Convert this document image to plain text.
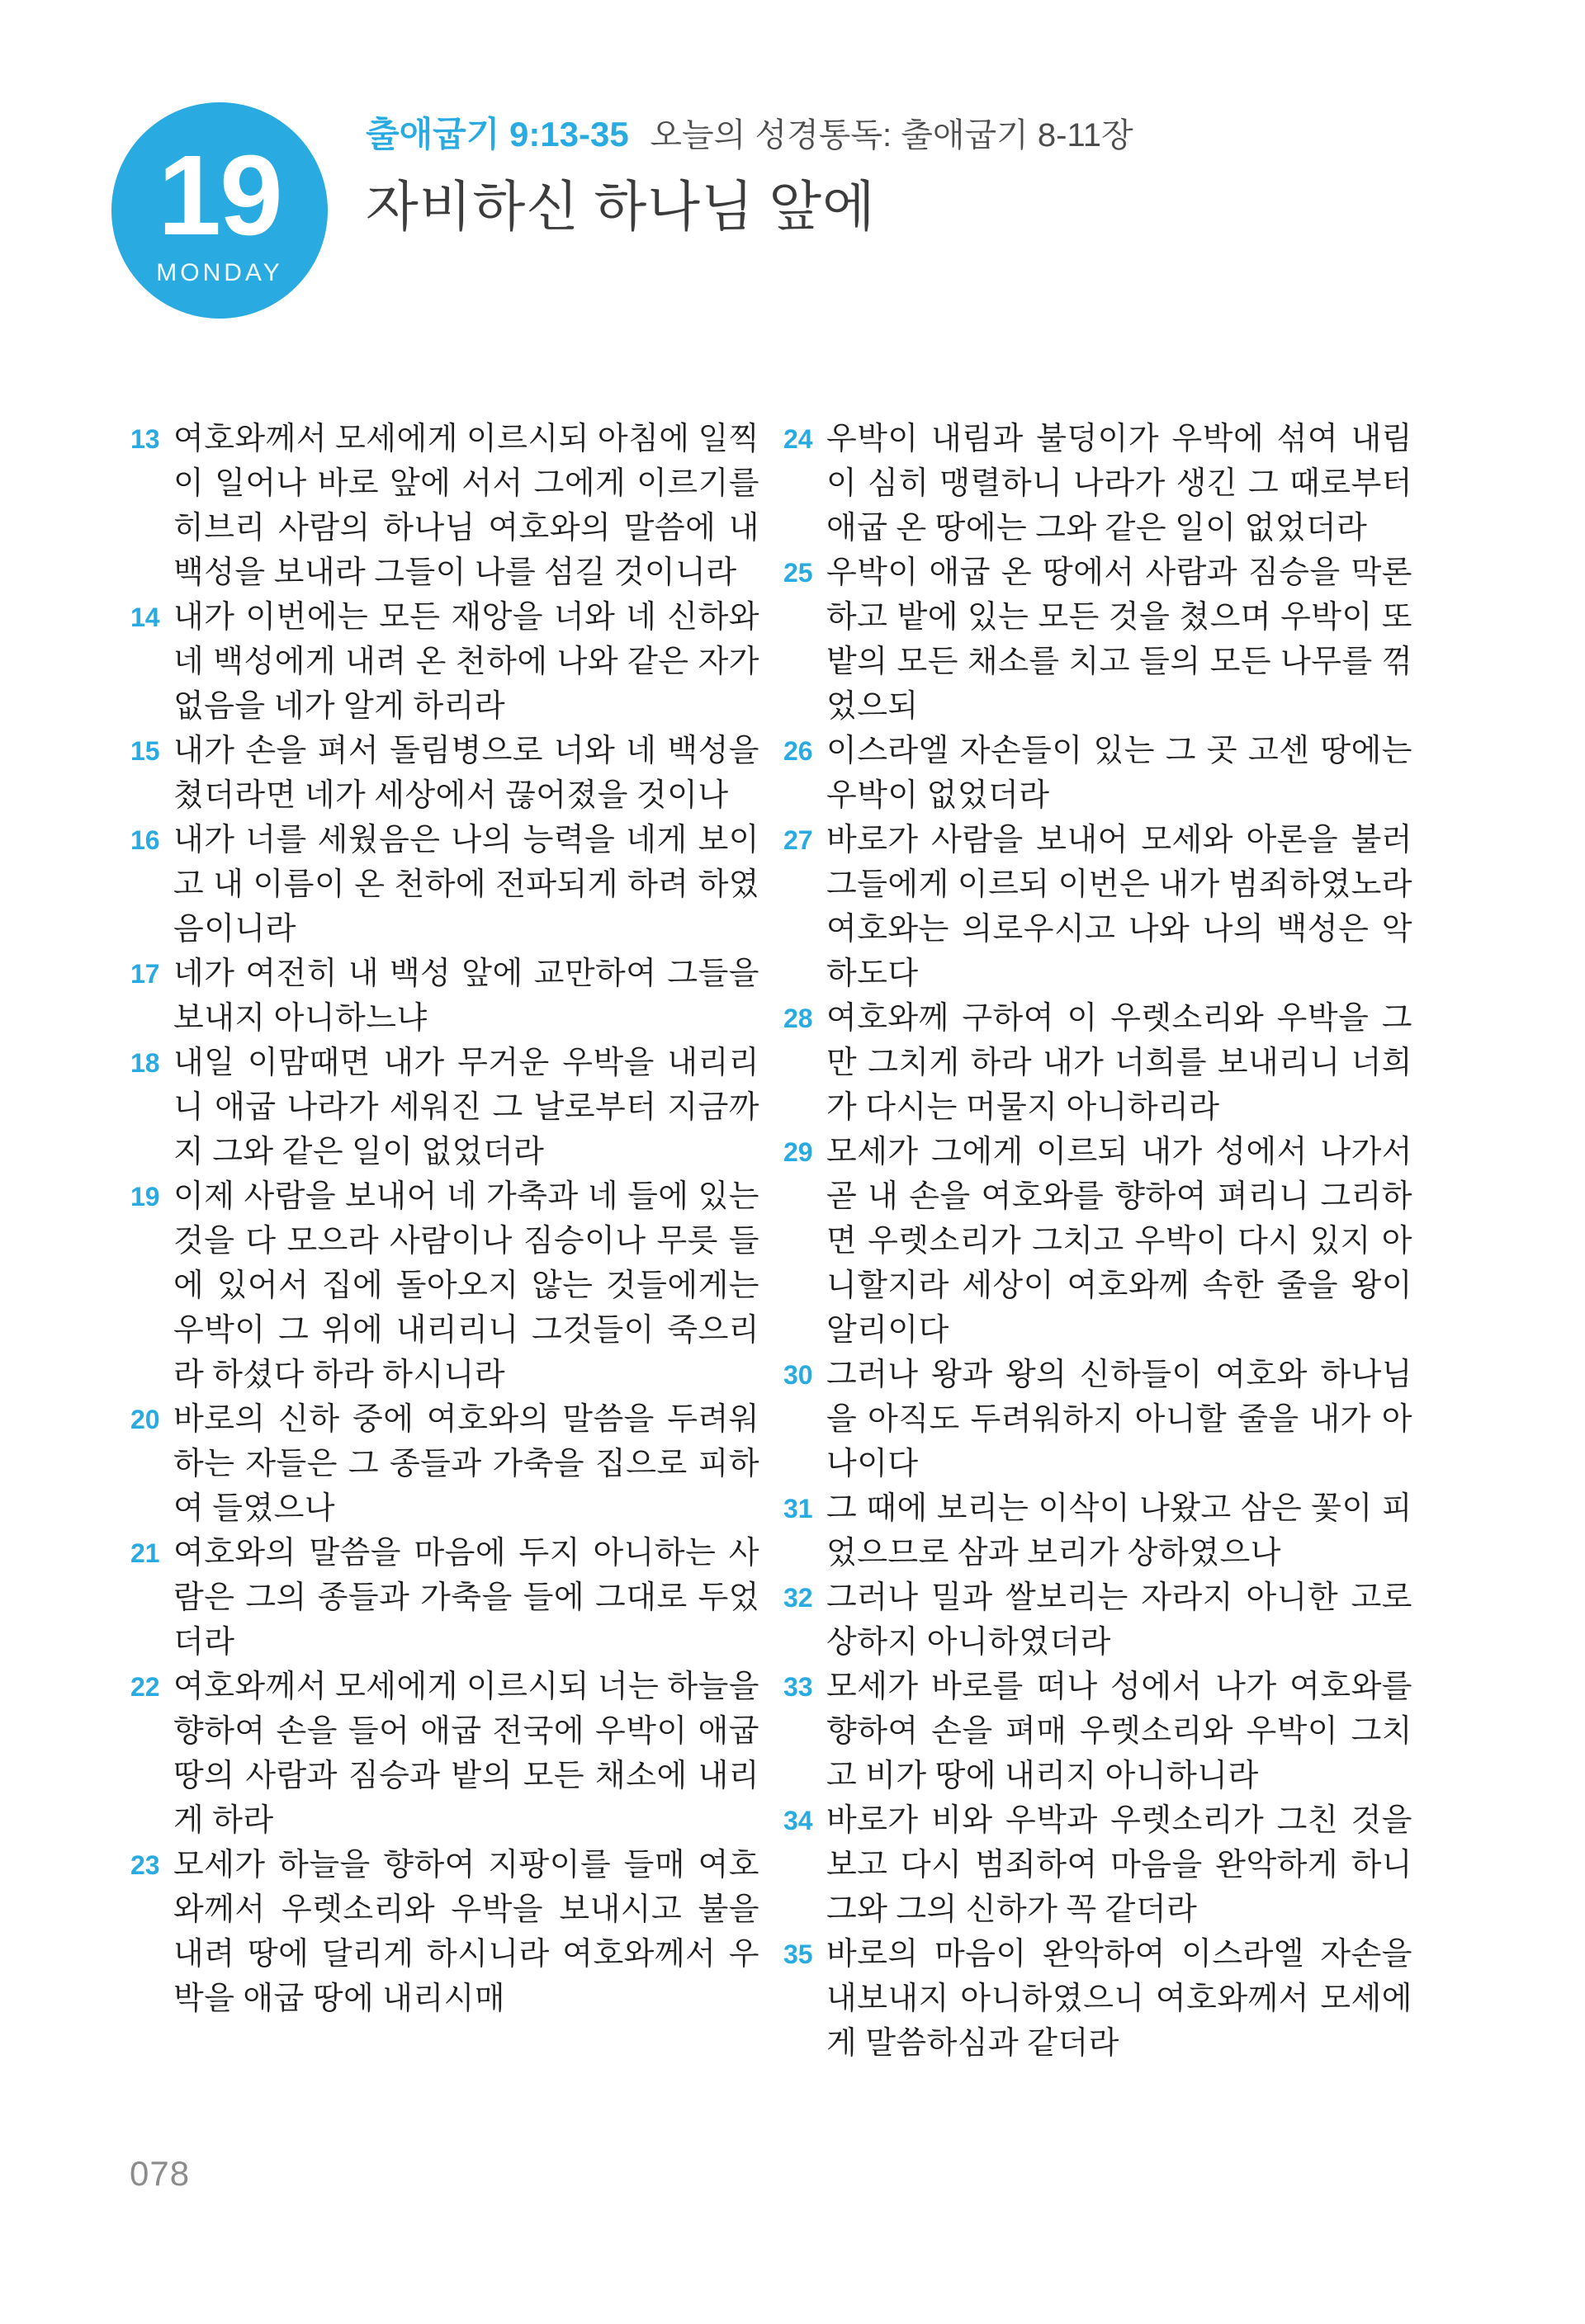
19
MONDAY
출애굽기 9:13-35 오늘의 성경통독: 출애굽기 8-11장
자비하신 하나님 앞에
13 여호와께서 모세에게 이르시되 아침에 일찍이 일어나 바로 앞에 서서 그에게 이르기를 히브리 사람의 하나님 여호와의 말씀에 내 백성을 보내라 그들이 나를 섬길 것이니라
14 내가 이번에는 모든 재앙을 너와 네 신하와 네 백성에게 내려 온 천하에 나와 같은 자가 없음을 네가 알게 하리라
15 내가 손을 펴서 돌림병으로 너와 네 백성을 쳤더라면 네가 세상에서 끊어졌을 것이나
16 내가 너를 세웠음은 나의 능력을 네게 보이고 내 이름이 온 천하에 전파되게 하려 하였음이니라
17 네가 여전히 내 백성 앞에 교만하여 그들을 보내지 아니하느냐
18 내일 이맘때면 내가 무거운 우박을 내리리니 애굽 나라가 세워진 그 날로부터 지금까지 그와 같은 일이 없었더라
19 이제 사람을 보내어 네 가축과 네 들에 있는 것을 다 모으라 사람이나 짐승이나 무릇 들에 있어서 집에 돌아오지 않는 것들에게는 우박이 그 위에 내리리니 그것들이 죽으리라 하셨다 하라 하시니라
20 바로의 신하 중에 여호와의 말씀을 두려워하는 자들은 그 종들과 가축을 집으로 피하여 들였으나
21 여호와의 말씀을 마음에 두지 아니하는 사람은 그의 종들과 가축을 들에 그대로 두었더라
22 여호와께서 모세에게 이르시되 너는 하늘을 향하여 손을 들어 애굽 전국에 우박이 애굽 땅의 사람과 짐승과 밭의 모든 채소에 내리게 하라
23 모세가 하늘을 향하여 지팡이를 들매 여호와께서 우렛소리와 우박을 보내시고 불을 내려 땅에 달리게 하시니라 여호와께서 우박을 애굽 땅에 내리시매
24 우박이 내림과 불덩이가 우박에 섞여 내림이 심히 맹렬하니 나라가 생긴 그 때로부터 애굽 온 땅에는 그와 같은 일이 없었더라
25 우박이 애굽 온 땅에서 사람과 짐승을 막론하고 밭에 있는 모든 것을 쳤으며 우박이 또 밭의 모든 채소를 치고 들의 모든 나무를 꺾었으되
26 이스라엘 자손들이 있는 그 곳 고센 땅에는 우박이 없었더라
27 바로가 사람을 보내어 모세와 아론을 불러 그들에게 이르되 이번은 내가 범죄하였노라 여호와는 의로우시고 나와 나의 백성은 악하도다
28 여호와께 구하여 이 우렛소리와 우박을 그만 그치게 하라 내가 너희를 보내리니 너희가 다시는 머물지 아니하리라
29 모세가 그에게 이르되 내가 성에서 나가서 곧 내 손을 여호와를 향하여 펴리니 그리하면 우렛소리가 그치고 우박이 다시 있지 아니할지라 세상이 여호와께 속한 줄을 왕이 알리이다
30 그러나 왕과 왕의 신하들이 여호와 하나님을 아직도 두려워하지 아니할 줄을 내가 아나이다
31 그 때에 보리는 이삭이 나왔고 삼은 꽃이 피었으므로 삼과 보리가 상하였으나
32 그러나 밀과 쌀보리는 자라지 아니한 고로 상하지 아니하였더라
33 모세가 바로를 떠나 성에서 나가 여호와를 향하여 손을 펴매 우렛소리와 우박이 그치고 비가 땅에 내리지 아니하니라
34 바로가 비와 우박과 우렛소리가 그친 것을 보고 다시 범죄하여 마음을 완악하게 하니 그와 그의 신하가 꼭 같더라
35 바로의 마음이 완악하여 이스라엘 자손을 내보내지 아니하였으니 여호와께서 모세에게 말씀하심과 같더라
078
